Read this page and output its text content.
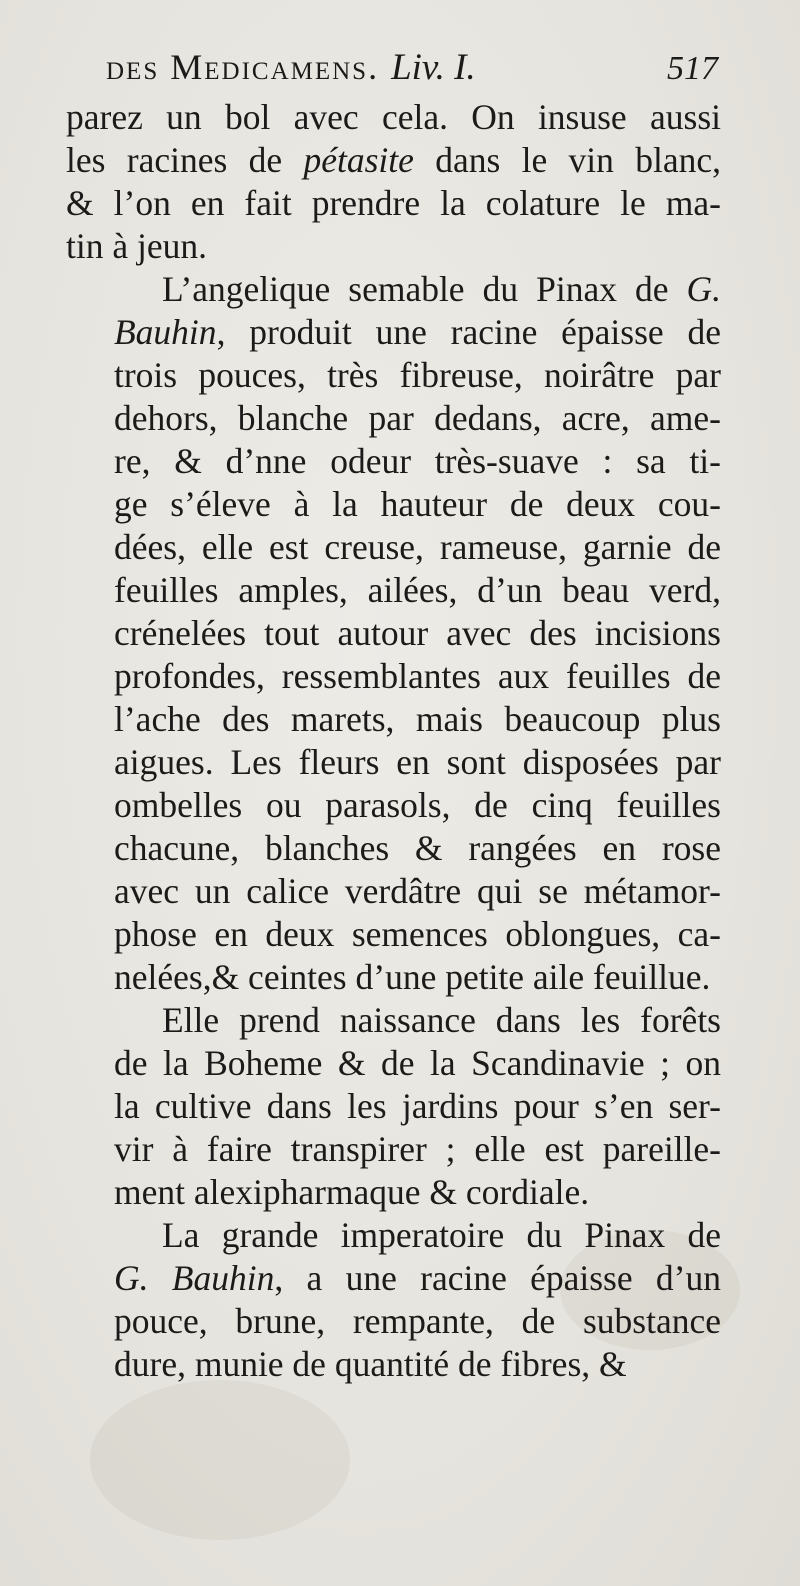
des Medicamens. Liv. I.	517
parez un bol avec cela. On insuse aussi
les racines de pétasite dans le vin blanc,
& l’on en fait prendre la colature le ma-
tin à jeun.
L’angelique semable du Pinax de G.
Bauhin, produit une racine épaisse de
trois pouces, très fibreuse, noirâtre par
dehors, blanche par dedans, acre, ame-
re, & d’nne odeur très-suave : sa ti-
ge s’éleve à la hauteur de deux cou-
dées, elle est creuse, rameuse, garnie de
feuilles amples, ailées, d’un beau verd,
crénelées tout autour avec des incisions
profondes, ressemblantes aux feuilles de
l’ache des marets, mais beaucoup plus
aigues. Les fleurs en sont disposées par
ombelles ou parasols, de cinq feuilles
chacune, blanches & rangées en rose
avec un calice verdâtre qui se métamor-
phose en deux semences oblongues, ca-
nelées,& ceintes d’une petite aile feuillue.
Elle prend naissance dans les forêts
de la Boheme & de la Scandinavie ; on
la cultive dans les jardins pour s’en ser-
vir à faire transpirer ; elle est pareille-
ment alexipharmaque & cordiale.
La grande imperatoire du Pinax de
G. Bauhin, a une racine épaisse d’un
pouce, brune, rempante, de substance
dure, munie de quantité de fibres, &
